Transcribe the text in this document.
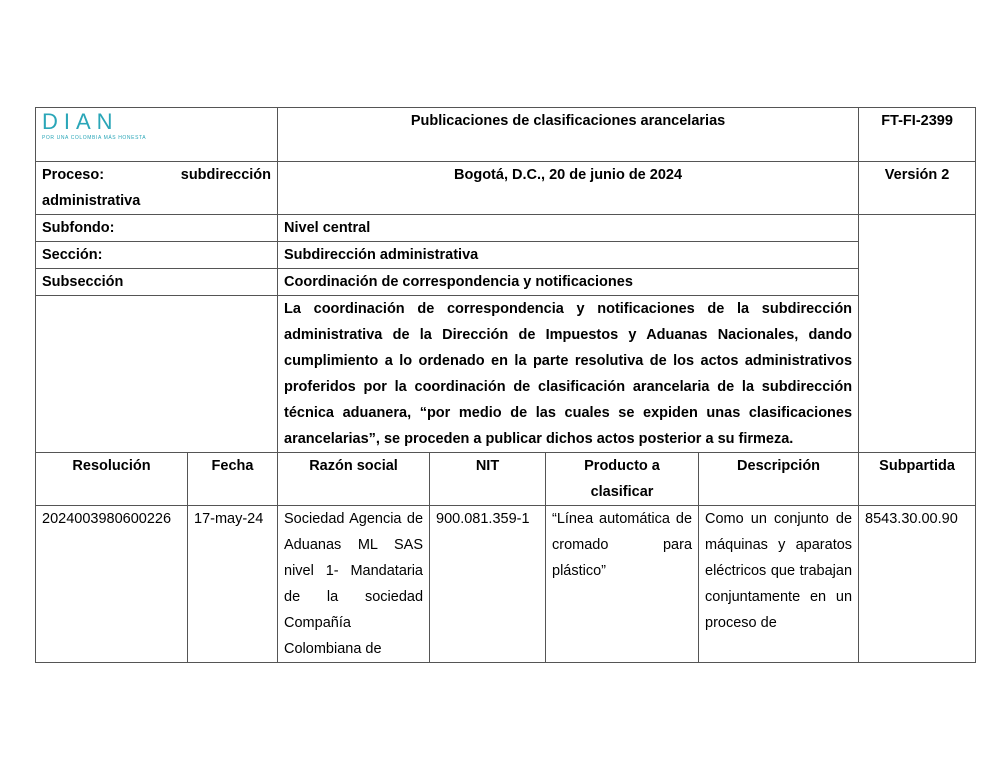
DIAN
POR UNA COLOMBIA MÁS HONESTA		Publicaciones de clasificaciones arancelarias				FT-FI-2399

Proceso: subdirección
administrativa		Bogotá, D.C., 20 de junio de 2024				Versión 2
Subfondo:		Nivel central				
Sección:		Subdirección administrativa				
Subsección		Coordinación de correspondencia y notificaciones				
		La coordinación de correspondencia y notificaciones de la subdirección administrativa de la Dirección de Impuestos y Aduanas Nacionales, dando cumplimiento a lo ordenado en la parte resolutiva de los actos administrativos proferidos por la coordinación de clasificación arancelaria de la subdirección técnica aduanera, “por medio de las cuales se expiden unas clasificaciones arancelarias”, se proceden a publicar dichos actos posterior a su firmeza.				
Resolución	Fecha	Razón social	NIT	Producto a clasificar	Descripción	Subpartida
2024003980600226	17-may-24	Sociedad Agencia de Aduanas ML SAS nivel 1- Mandataria de la sociedad Compañía Colombiana de	900.081.359-1	“Línea automática de cromado para plástico”	Como un conjunto de máquinas y aparatos eléctricos que trabajan conjuntamente en un proceso de	8543.30.00.90
